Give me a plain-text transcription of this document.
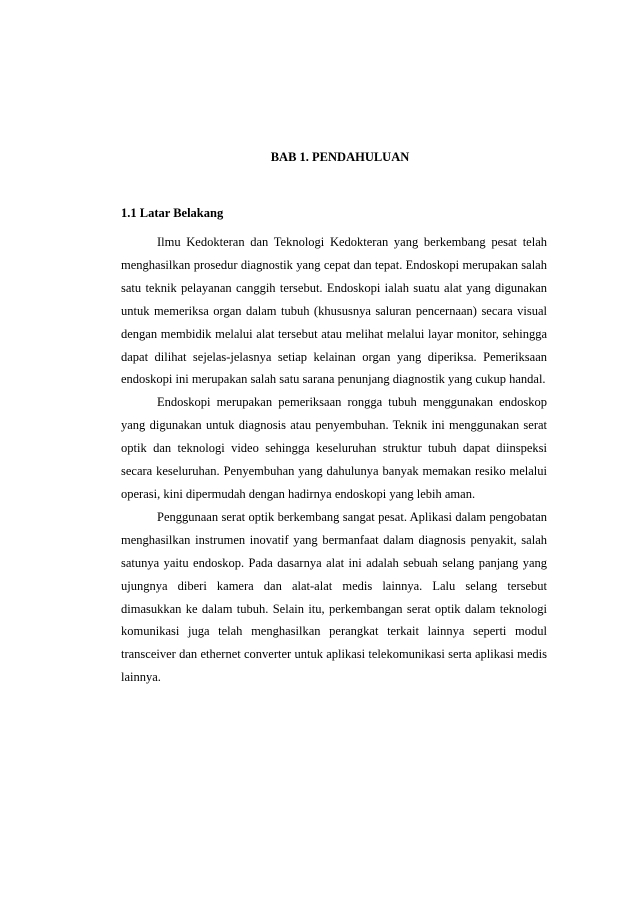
BAB 1. PENDAHULUAN
1.1 Latar Belakang

Ilmu Kedokteran dan Teknologi Kedokteran yang berkembang pesat telah menghasilkan prosedur diagnostik yang cepat dan tepat. Endoskopi merupakan salah satu teknik pelayanan canggih tersebut. Endoskopi ialah suatu alat yang digunakan untuk memeriksa organ dalam tubuh (khususnya saluran pencernaan) secara visual dengan membidik melalui alat tersebut atau melihat melalui layar monitor, sehingga dapat dilihat sejelas-jelasnya setiap kelainan organ yang diperiksa. Pemeriksaan endoskopi ini merupakan salah satu sarana penunjang diagnostik yang cukup handal.

Endoskopi merupakan pemeriksaan rongga tubuh menggunakan endoskop yang digunakan untuk diagnosis atau penyembuhan. Teknik ini menggunakan serat optik dan teknologi video sehingga keseluruhan struktur tubuh dapat diinspeksi secara keseluruhan. Penyembuhan yang dahulunya banyak memakan resiko melalui operasi, kini dipermudah dengan hadirnya endoskopi yang lebih aman.

Penggunaan serat optik berkembang sangat pesat. Aplikasi dalam pengobatan menghasilkan instrumen inovatif yang bermanfaat dalam diagnosis penyakit, salah satunya yaitu endoskop. Pada dasarnya alat ini adalah sebuah selang panjang yang ujungnya diberi kamera dan alat-alat medis lainnya. Lalu selang tersebut dimasukkan ke dalam tubuh. Selain itu, perkembangan serat optik dalam teknologi komunikasi juga telah menghasilkan perangkat terkait lainnya seperti modul transceiver dan ethernet converter untuk aplikasi telekomunikasi serta aplikasi medis lainnya.
